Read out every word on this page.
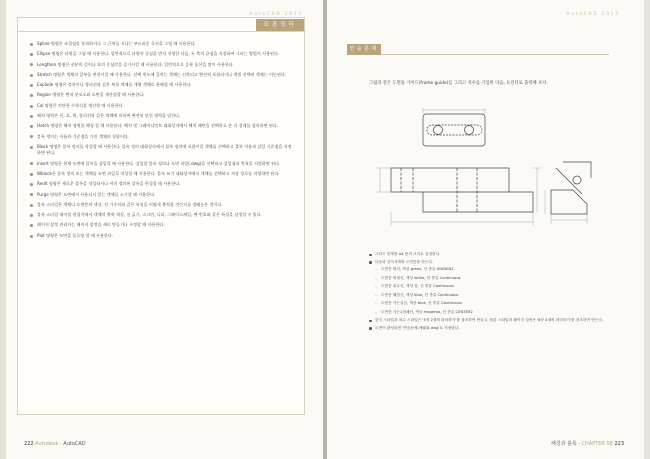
AutoCAD 2015
요점정리
Spline 명령은 조절점을 통과하거나 그 근처를 지나는 부드러운 곡선을 그릴 때 사용한다.
Ellipse 명령은 타원을 그릴 때 사용한다. 일반적으로 타원의 중심을 먼저 지정한 다음, 두 축의 끝점을 지정하여 그리는 방법이 사용된다.
Lengthen 명령은 선분의 길이나 호의 중심각을 증가시킬 때 사용한다. 일반적으로 증분 옵션을 많이 사용한다.
Stretch 명령은 객체의 일부를 연장시킬 때 사용한다. 선택 윈도에 걸치는 객체는 신축되고 완전히 포함되거나 개별 선택된 객체는 이동된다.
Explode 명령은 블록이나 폴리선과 같은 복합 객체를 개별 객체로 분해할 때 사용한다.
Region 명령은 면적 분포도와 도면을 계산성할 때 사용한다.
Cal 명령은 간단한 수학식을 계산할 때 사용한다.
해치 영역은 선, 호, 원, 폴리선과 같은 객체에 의하여 완전히 닫힌 영역을 말한다.
Hatch 명령은 해치 영역을 해칭 할 때 사용한다. 해치 및 그레이디언트 대화상자에서 해치 패턴을 선택하고 한 지 경계를 정의하면 된다.
블록 정의는 이름과 기준점을 가진 객체의 집합이다.
Block 명령은 블록 정의를 작성할 때 사용한다. 블록 정의 대화상자에서 블록 정의에 포함시킬 객체를 선택하고 블록 이름과 삽입 기준점을 지정하면 된다.
Insert 명령은 현재 도면에 블록을 삽입할 때 사용한다. 삽입할 블록 정의나 도면 파일(.dwg)을 선택하고 삽입점과 축척을 지정하면 된다.
Wblock은 블록 정의 또는 객체를 도면 파일로 작성할 때 사용한다. 블록 쓰기 대화상자에서 객체를 선택하고 저장 경로를 지정하면 된다.
Redit 명령은 새로운 블록을 작성하거나 이미 정의된 블록을 편집할 때 사용한다.
Purge 명령은 도면에서 사용되지 않는 객체를 소거할 때 사용한다.
블록 스타일은 객체나 도면층의 색상, 선 가중치와 같은 특성을 어떻게 출력할 것인지를 정해놓은 것이다.
블록 스타일 테이블 편집기에서 객체의 출력 색상, 선 굵기, 스크린, 디더, 그레이스케일, 펜 번호와 같은 특성을 설정할 수 있다.
페이지 설정 관리자는 페이지 설정을 새로 만들거나 수정할 때 사용한다.
Plot 명령은 도면을 플로팅 할 때 사용한다.
222 Autodesk · AutoCAD
AutoCAD 2015
연습문제
그림과 같은 도면틀 가이드(frame guide)를 그리고 치수를 기입한 다음, 프린터로 출력해 보자.
그리드 한계를 A4 용지 크기로 설정한다.
다음과 같이 5개의 도면층을 만든다.
– 도면층 외선, 색상 green, 선 종류 HIDDEN2
– 도면층 외형선, 색상 white, 선 종류 Continuous
– 도면층 치수선, 색상 청, 선 종류 Continuous
– 도면층 해칭선, 색상 blue, 선 종류 Continuous
– 도면층 가는실선, 색상 blue, 선 종류 Continuous
– 도면층 가는1점쇄선, 색상 magenta, 선 종류 CENTER2
한국 스타일과 치수 스타일은 '5장 2절의 따라하기'를 참조하여 만들고, 플롯 스타일과 페이지 설정은 '8장 4절의 따라하기'를 참조하여 만든다.
도면이 완성되면 '연습문제-애패워.dwg'로 저장한다.
해칭과 블록 · CHAPTER 08 223
